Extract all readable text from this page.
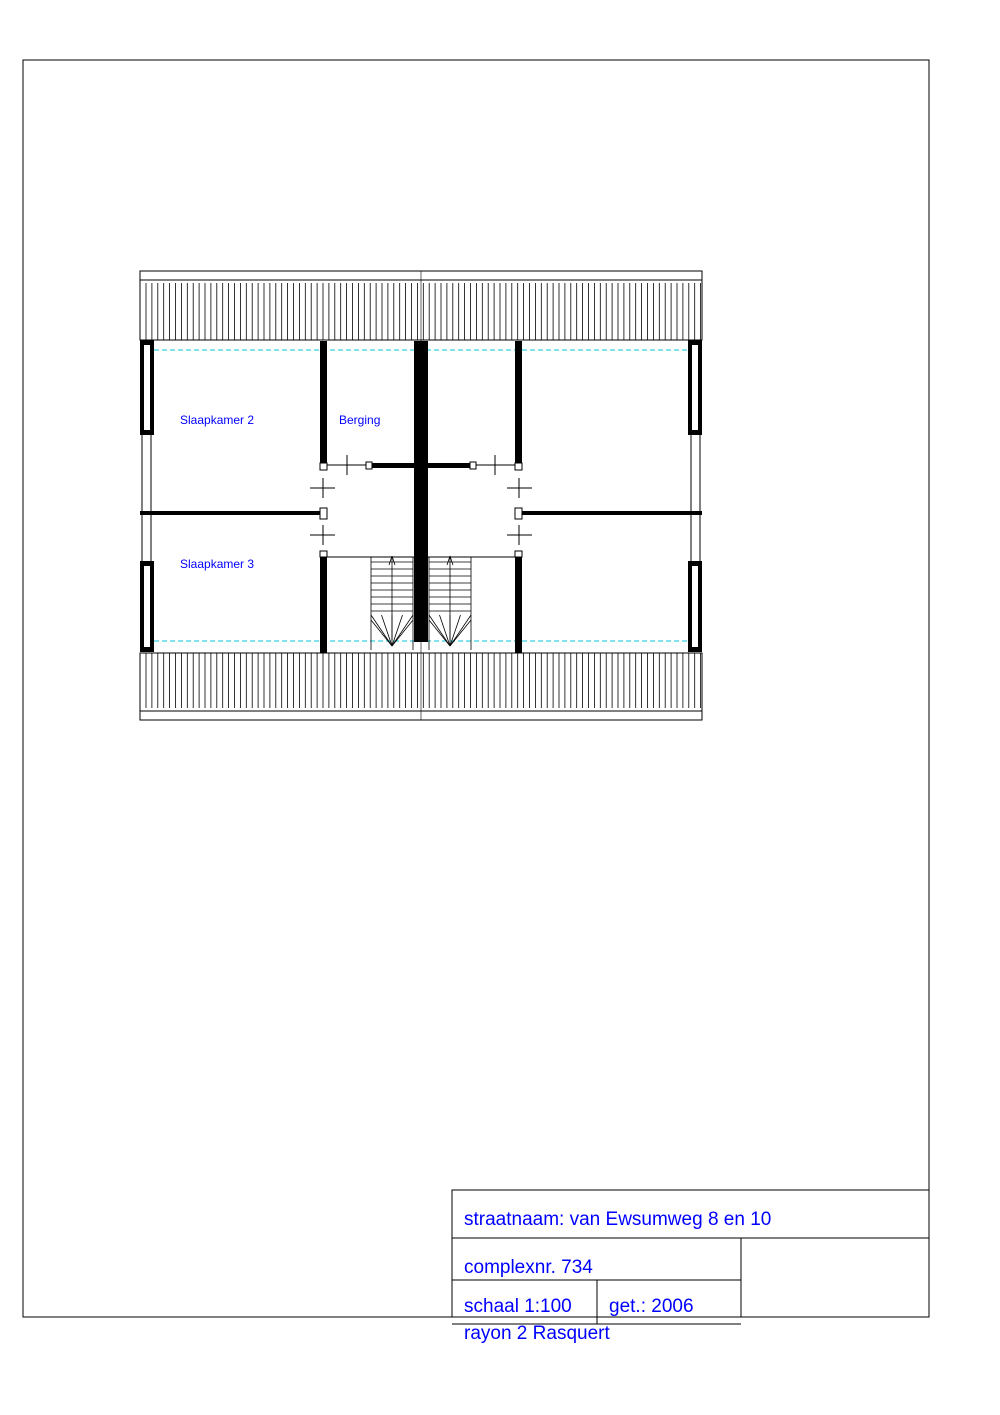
Slaapkamer 2	Berging
Slaapkamer 3
straatnaam: van Ewsumweg 8 en 10
complexnr. 734
schaal 1:100 get.: 2006
rayon 2 Rasquert
